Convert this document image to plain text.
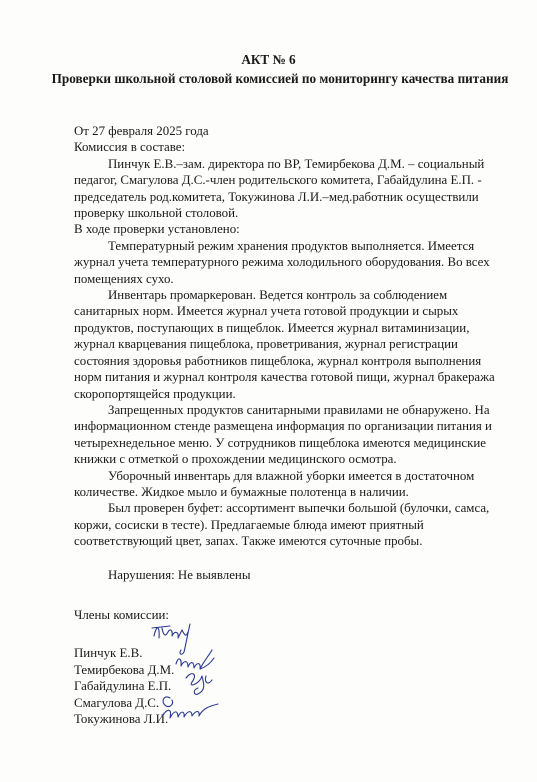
АКТ № 6
Проверки школьной столовой комиссией по мониторингу качества питания

От 27 февраля 2025 года

Комиссия в составе:

Пинчук Е.В.–зам. директора по ВР, Темирбекова Д.М. – социальный педагог, Смагулова Д.С.-член родительского комитета, Габайдулина Е.П. - председатель род.комитета, Токужинова Л.И.–мед.работник осуществили проверку школьной столовой.

В ходе проверки установлено:

Температурный режим хранения продуктов выполняется. Имеется журнал учета температурного режима холодильного оборудования. Во всех помещениях сухо.

Инвентарь промаркерован. Ведется контроль за соблюдением санитарных норм. Имеется журнал учета готовой продукции и сырых продуктов, поступающих в пищеблок. Имеется журнал витаминизации, журнал кварцевания пищеблока, проветривания, журнал регистрации состояния здоровья работников пищеблока, журнал контроля выполнения норм питания и журнал контроля качества готовой пищи, журнал бракеража скоропортящейся продукции.

Запрещенных продуктов санитарными правилами не обнаружено. На информационном стенде размещена информация по организации питания и четырехнедельное меню. У сотрудников пищеблока имеются медицинские книжки с отметкой о прохождении медицинского осмотра.

Уборочный инвентарь для влажной уборки имеется в достаточном количестве. Жидкое мыло и бумажные полотенца в наличии.

Был проверен буфет: ассортимент выпечки большой (булочки, самса, коржи, сосиски в тесте). Предлагаемые блюда имеют приятный соответствующий цвет, запах. Также имеются суточные пробы.

Нарушения: Не выявлены

Члены комиссии:
Пинчук Е.В.
Темирбекова Д.М.
Габайдулина Е.П.
Смагулова Д.С.
Токужинова Л.И.
